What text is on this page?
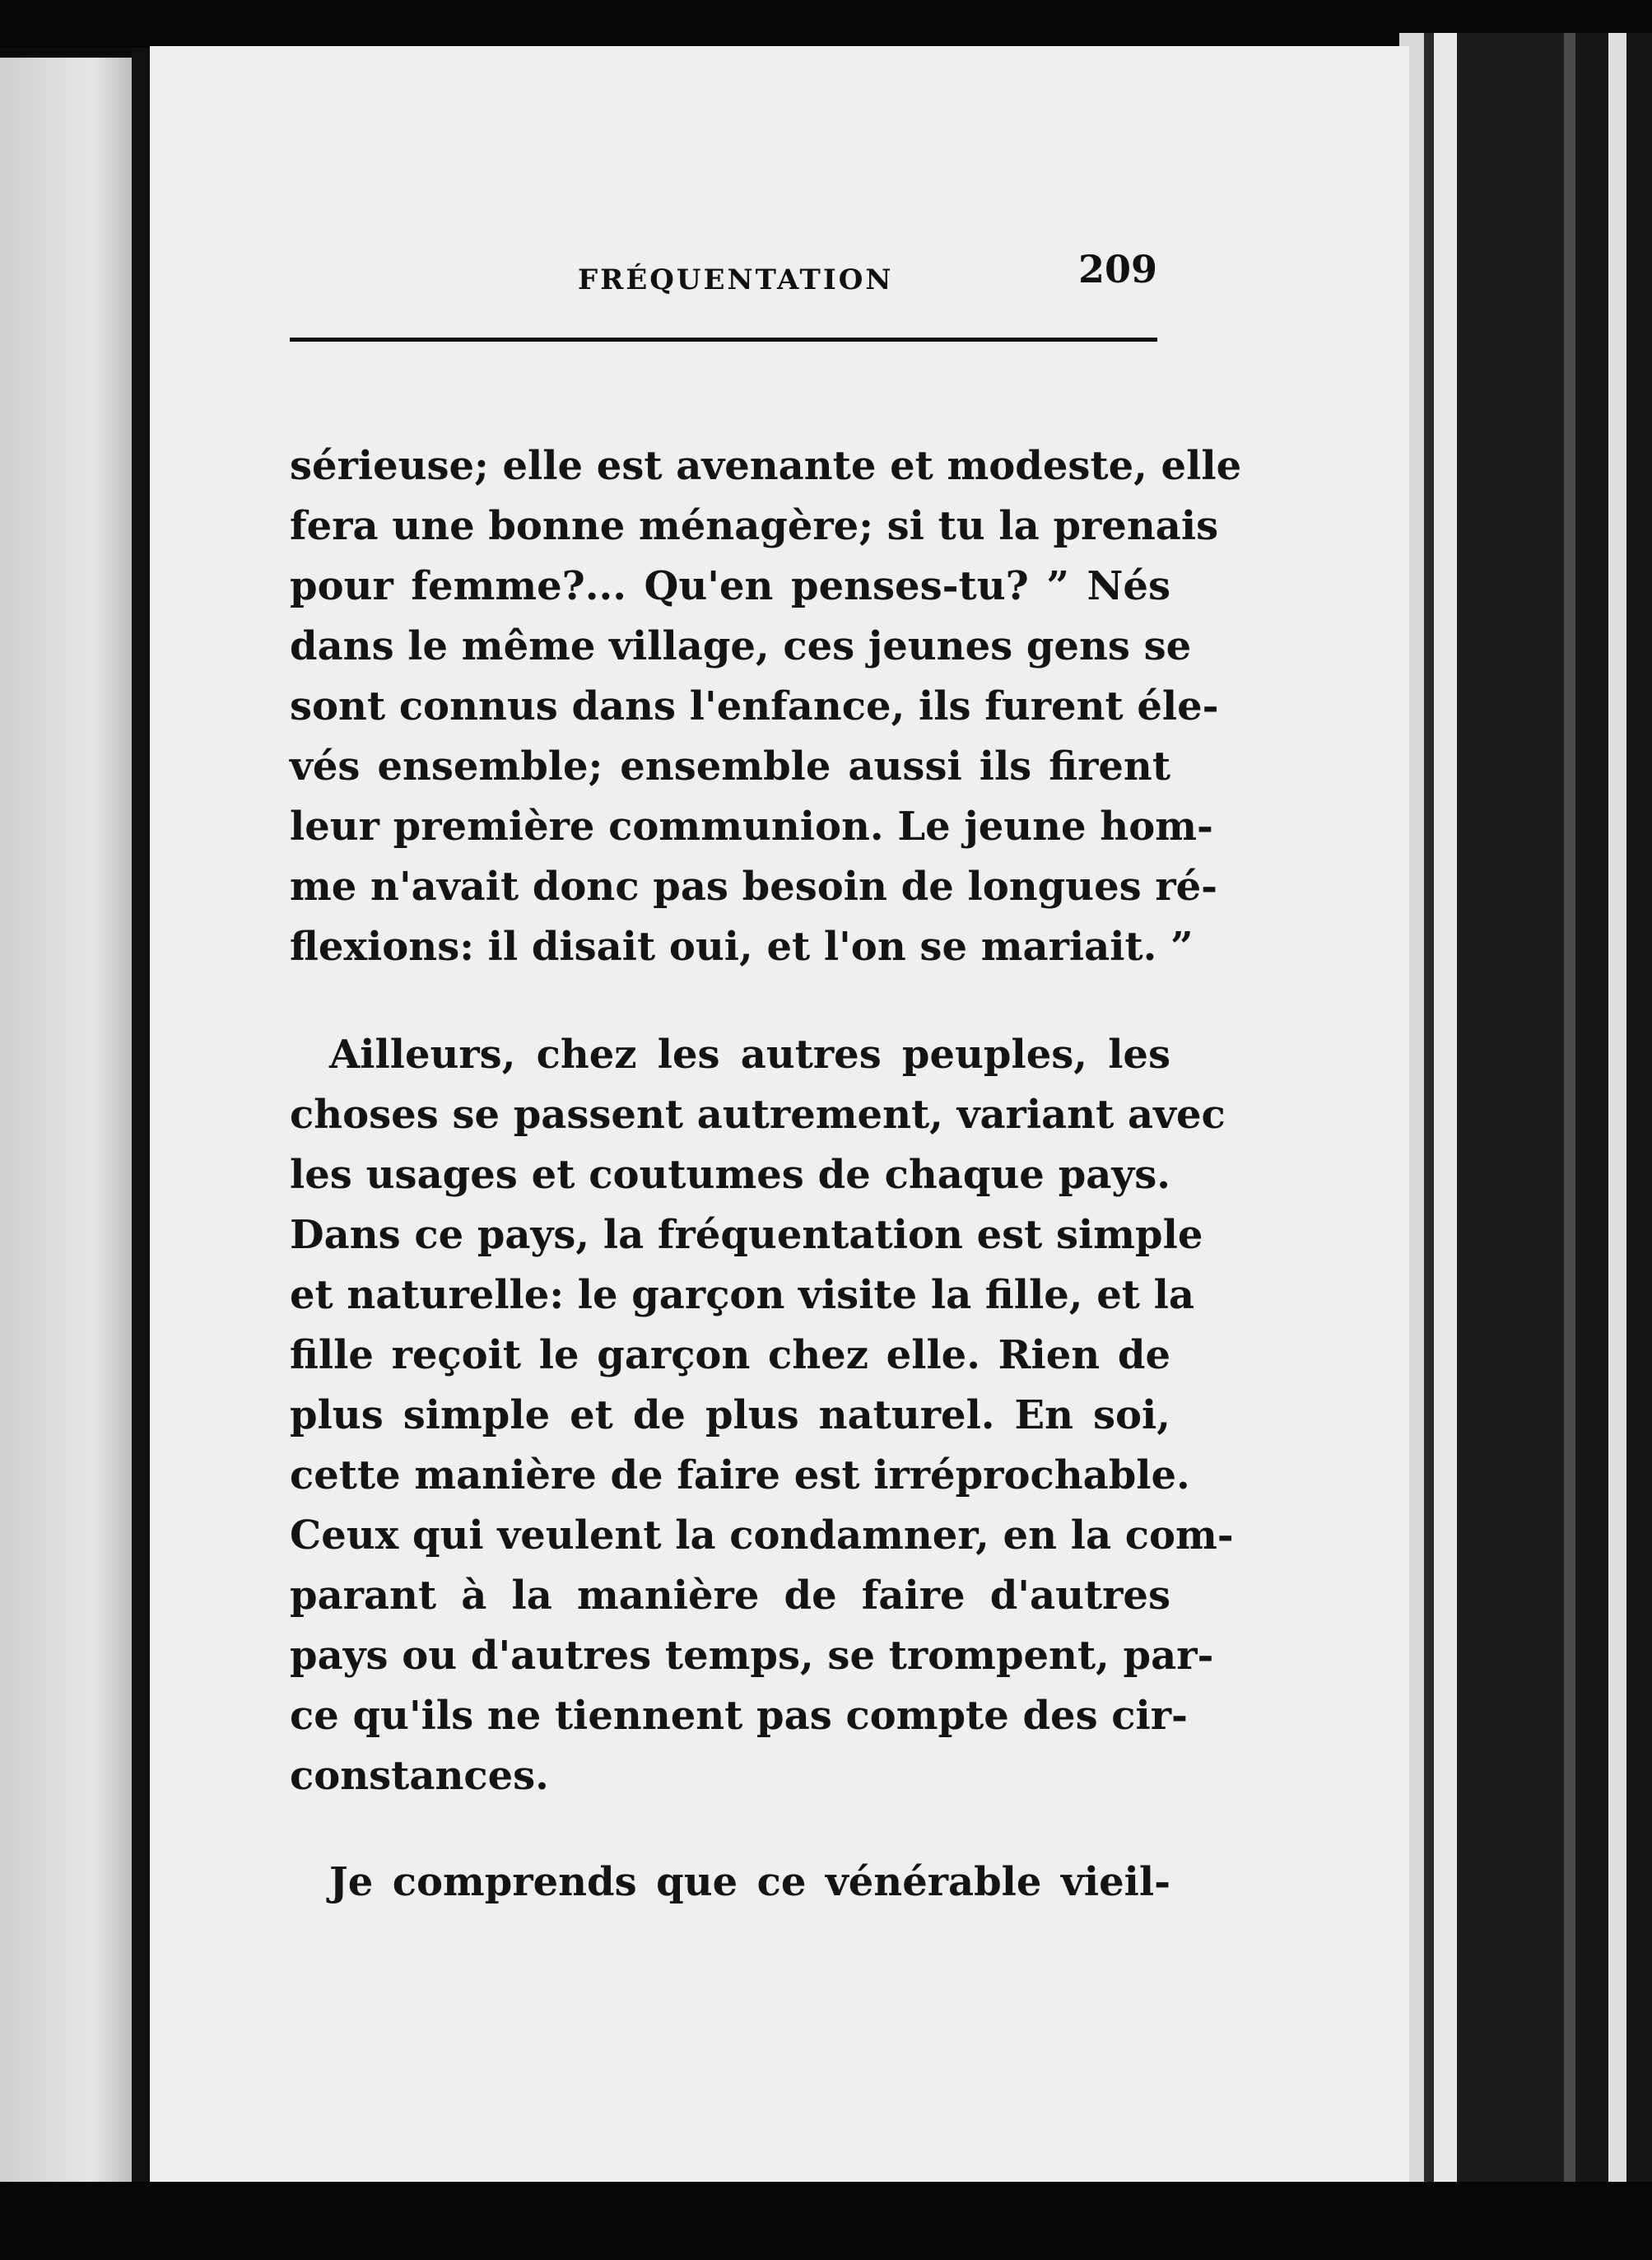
FRÉQUENTATION	209
sérieuse; elle est avenante et modeste, elle
fera une bonne ménagère; si tu la prenais
pour femme?... Qu'en penses-tu? ” Nés
dans le même village, ces jeunes gens se
sont connus dans l'enfance, ils furent éle-
vés ensemble; ensemble aussi ils firent
leur première communion. Le jeune hom-
me n'avait donc pas besoin de longues ré-
flexions: il disait oui, et l'on se mariait. ”
Ailleurs, chez les autres peuples, les
choses se passent autrement, variant avec
les usages et coutumes de chaque pays.
Dans ce pays, la fréquentation est simple
et naturelle: le garçon visite la fille, et la
fille reçoit le garçon chez elle. Rien de
plus simple et de plus naturel. En soi,
cette manière de faire est irréprochable.
Ceux qui veulent la condamner, en la com-
parant à la manière de faire d'autres
pays ou d'autres temps, se trompent, par-
ce qu'ils ne tiennent pas compte des cir-
constances.
Je comprends que ce vénérable vieil-
